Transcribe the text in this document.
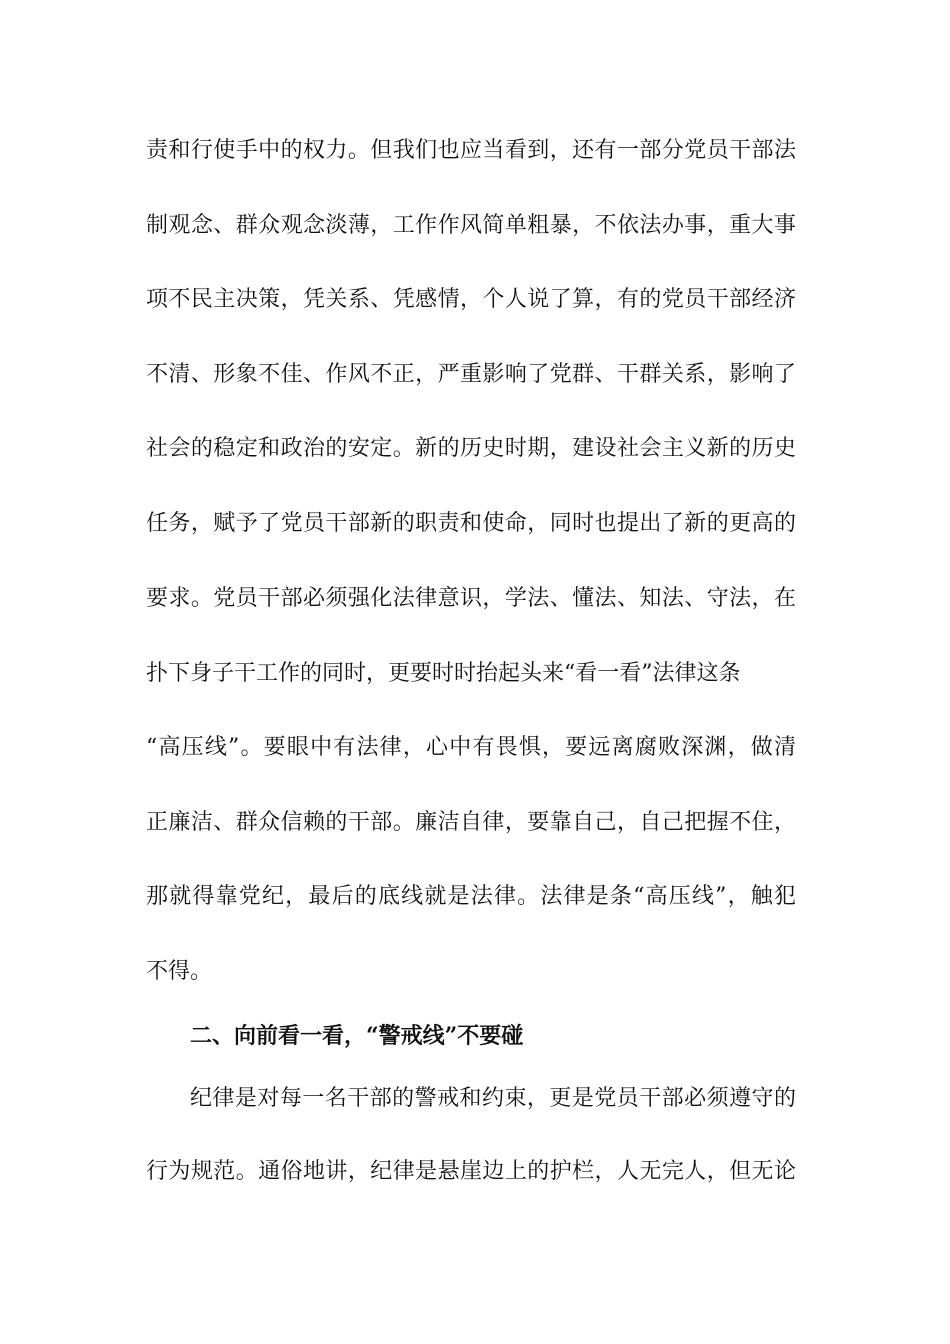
责和行使手中的权力。但我们也应当看到，还有一部分党员干部法
制观念、群众观念淡薄，工作作风简单粗暴，不依法办事，重大事
项不民主决策，凭关系、凭感情，个人说了算，有的党员干部经济
不清、形象不佳、作风不正，严重影响了党群、干群关系，影响了
社会的稳定和政治的安定。新的历史时期，建设社会主义新的历史
任务，赋予了党员干部新的职责和使命，同时也提出了新的更高的
要求。党员干部必须强化法律意识，学法、懂法、知法、守法，在
扑下身子干工作的同时，更要时时抬起头来“看一看”法律这条
“高压线”。要眼中有法律，心中有畏惧，要远离腐败深渊，做清
正廉洁、群众信赖的干部。廉洁自律，要靠自己，自己把握不住，
那就得靠党纪，最后的底线就是法律。法律是条“高压线”，触犯
不得。
二、向前看一看，“警戒线”不要碰
纪律是对每一名干部的警戒和约束，更是党员干部必须遵守的
行为规范。通俗地讲，纪律是悬崖边上的护栏，人无完人，但无论
